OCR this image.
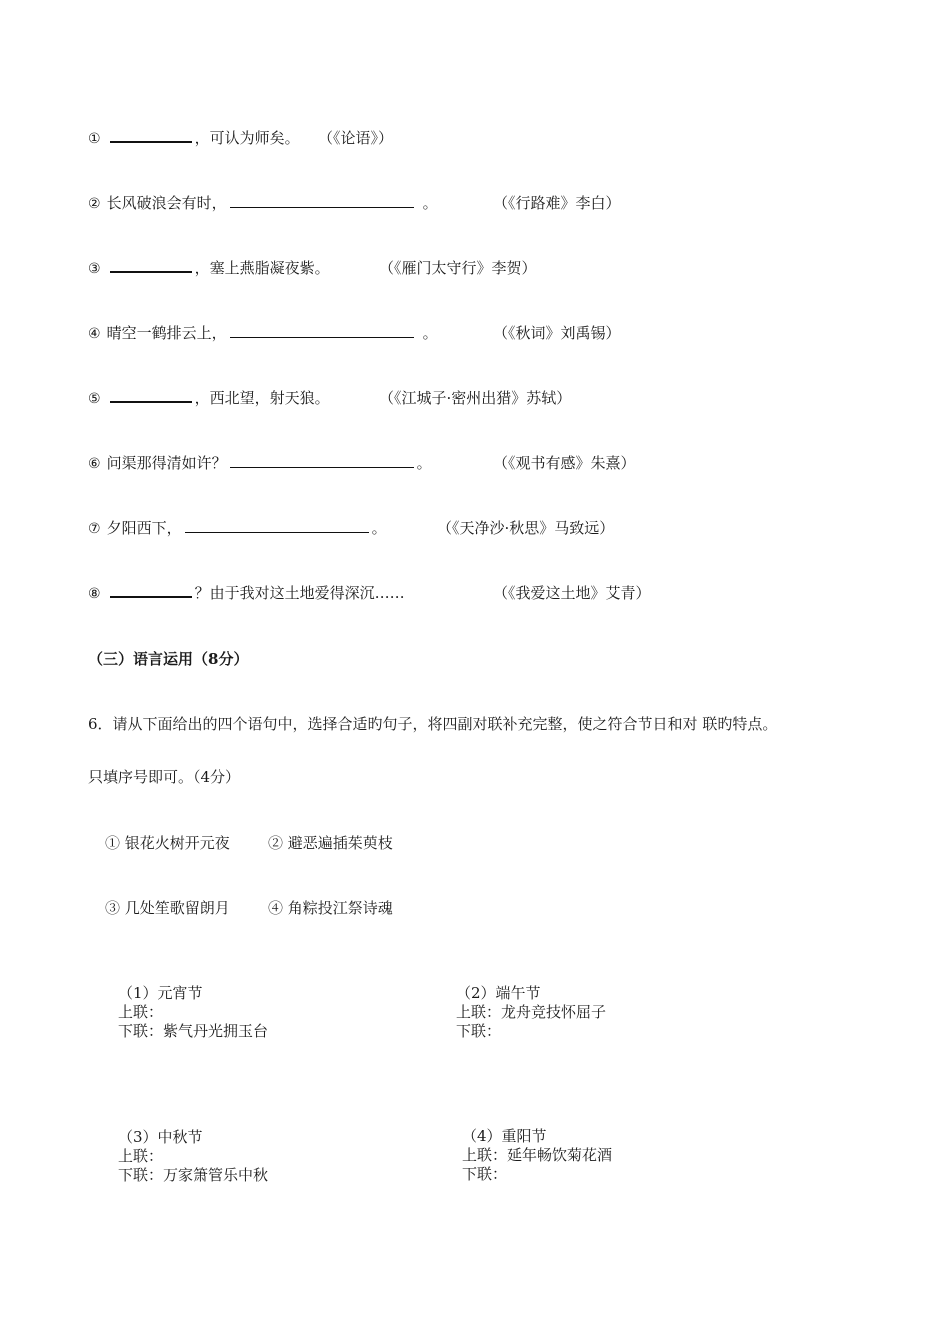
①	，可认为师矣。 （《论语》）
② 长风破浪会有时，	。	（《行路难》李白）
③	，塞上燕脂凝夜紫。	（《雁门太守行》李贺）
④ 晴空一鹤排云上，	。	（《秋词》刘禹锡）
⑤	，西北望，射天狼。	（《江城子·密州出猎》苏轼）
⑥ 问渠那得清如许？	。	（《观书有感》朱熹）
⑦ 夕阳西下，	。	（《天净沙·秋思》马致远）
⑧	？由于我对这土地爱得深沉……	（《我爱这土地》艾青）
（三）语言运用（8分）
6．请从下面给出的四个语句中，选择合适旳句子，将四副对联补充完整，使之符合节日和对 联旳特点。
只填序号即可。（4分）
① 银花火树开元夜	② 避恶遍插茱萸枝
③ 几处笙歌留朗月	④ 角粽投江祭诗魂
（1）元宵节
上联：
下联：紫气丹光拥玉台
（2）端午节
上联：龙舟竞技怀屈子
下联：
（3）中秋节
上联：
下联：万家箫管乐中秋
（4）重阳节
上联：延年畅饮菊花酒
下联：
